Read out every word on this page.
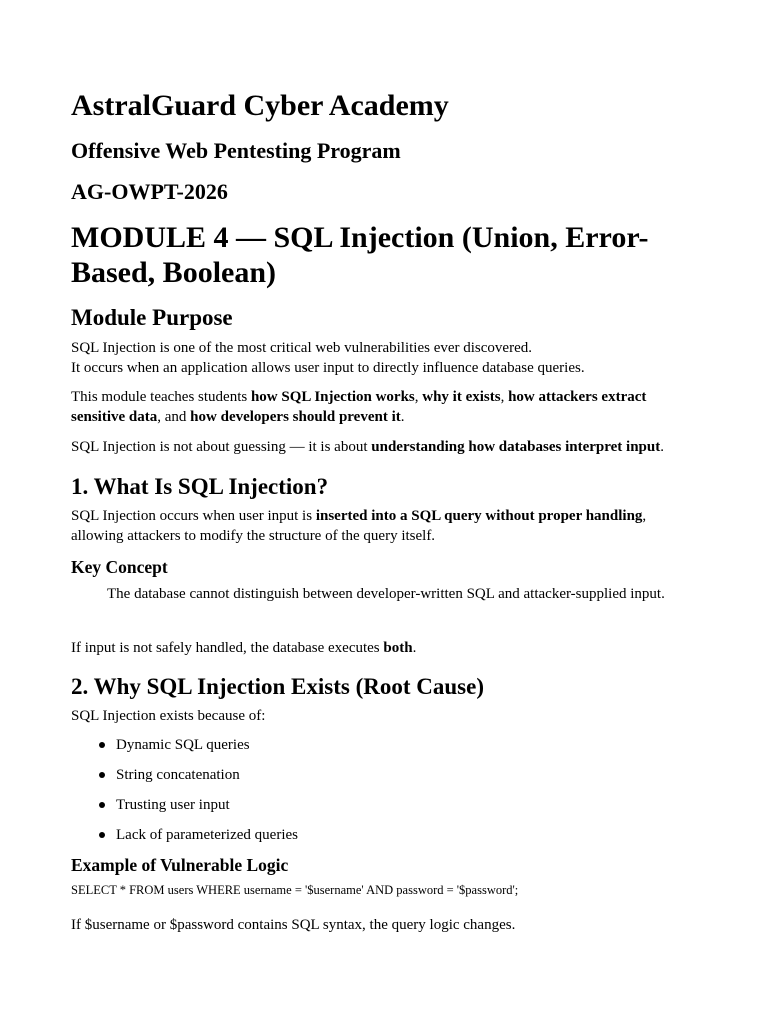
AstralGuard Cyber Academy
Offensive Web Pentesting Program
AG-OWPT-2026
MODULE 4 — SQL Injection (Union, Error-Based, Boolean)
Module Purpose

SQL Injection is one of the most critical web vulnerabilities ever discovered.
It occurs when an application allows user input to directly influence database queries.

This module teaches students how SQL Injection works, why it exists, how attackers extract sensitive data, and how developers should prevent it.

SQL Injection is not about guessing — it is about understanding how databases interpret input.

1. What Is SQL Injection?

SQL Injection occurs when user input is inserted into a SQL query without proper handling, allowing attackers to modify the structure of the query itself.

Key Concept

The database cannot distinguish between developer-written SQL and attacker-supplied input.

If input is not safely handled, the database executes both.

2. Why SQL Injection Exists (Root Cause)

SQL Injection exists because of:

Dynamic SQL queries
String concatenation
Trusting user input
Lack of parameterized queries
Example of Vulnerable Logic

SELECT * FROM users WHERE username = '$username' AND password = '$password';

If $username or $password contains SQL syntax, the query logic changes.
